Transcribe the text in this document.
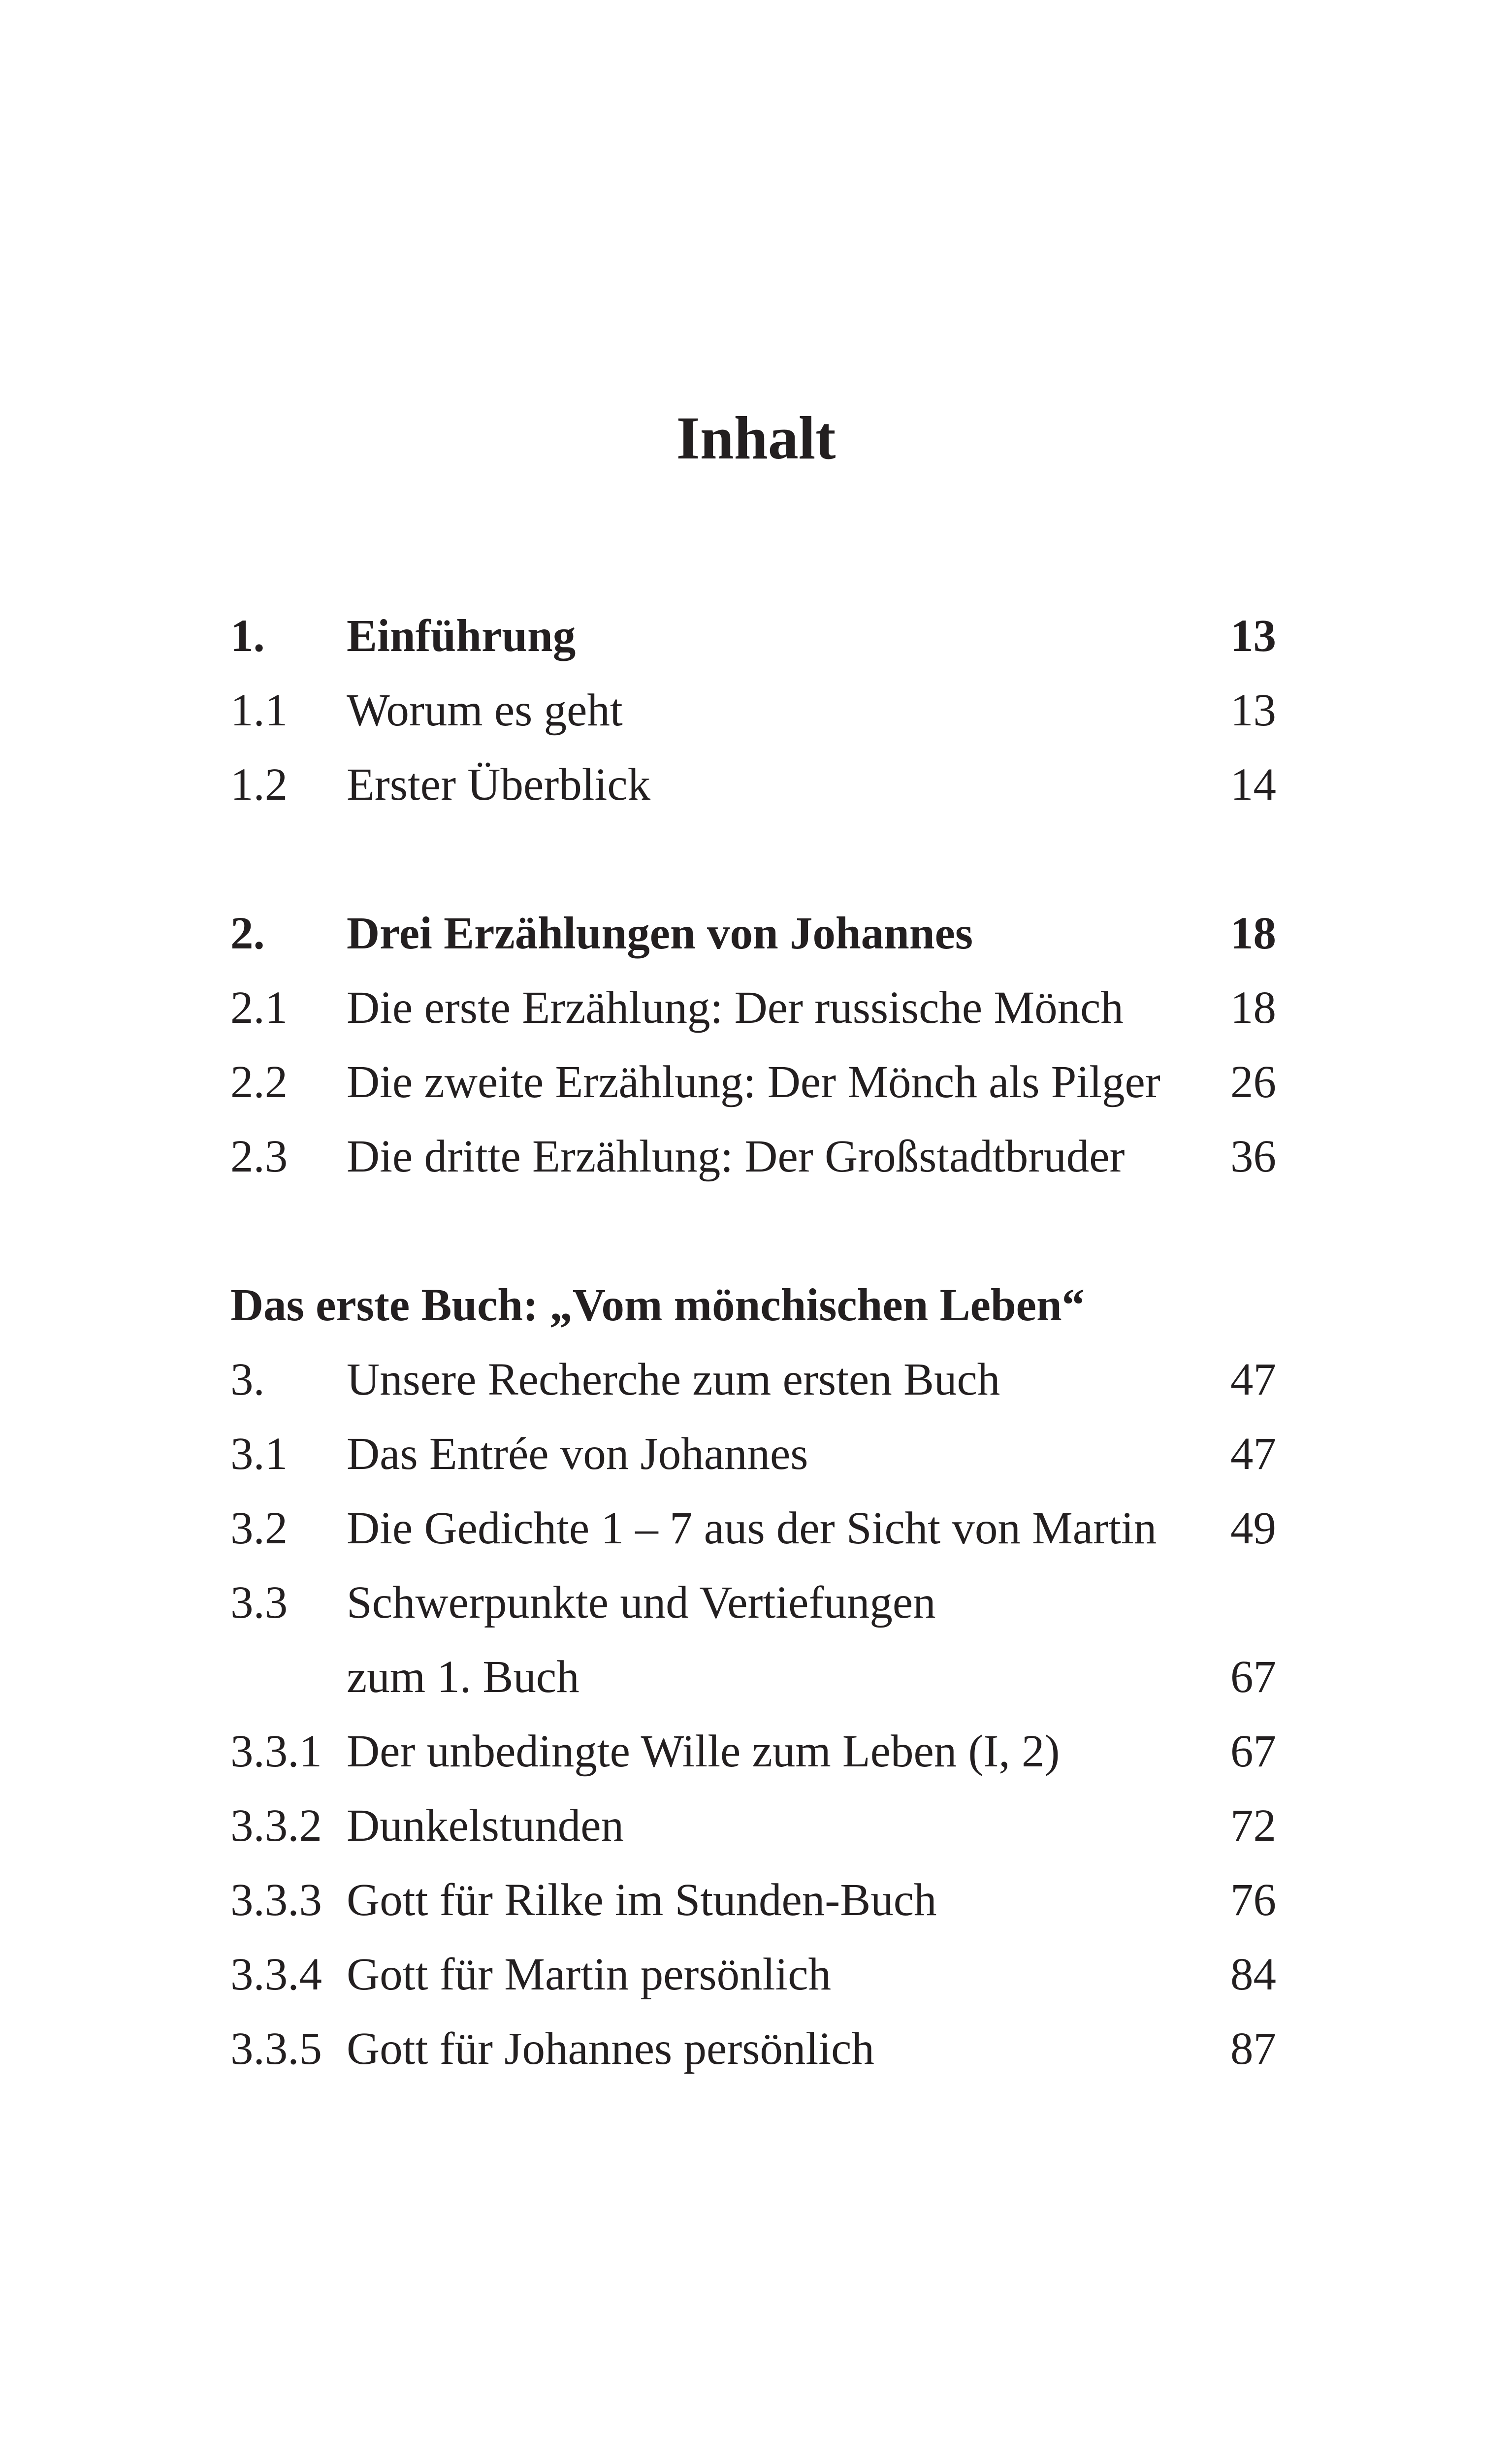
Inhalt
1. Einführung	13
1.1 Worum es geht	13
1.2 Erster Überblick	14
2. Drei Erzählungen von Johannes	18
2.1 Die erste Erzählung: Der russische Mönch 18
2.2 Die zweite Erzählung: Der Mönch als Pilger 26
2.3 Die dritte Erzählung: Der Großstadtbruder 36
Das erste Buch: „Vom mönchischen Leben“
3. Unsere Recherche zum ersten Buch	47
3.1 Das Entrée von Johannes	47
3.2 Die Gedichte 1 – 7 aus der Sicht von Martin 49
3.3 Schwerpunkte und Vertiefungen
zum 1. Buch	67
3.3.1 Der unbedingte Wille zum Leben (I, 2)	67
3.3.2 Dunkelstunden	72
3.3.3 Gott für Rilke im Stunden-Buch	76
3.3.4 Gott für Martin persönlich	84
3.3.5 Gott für Johannes persönlich	87
